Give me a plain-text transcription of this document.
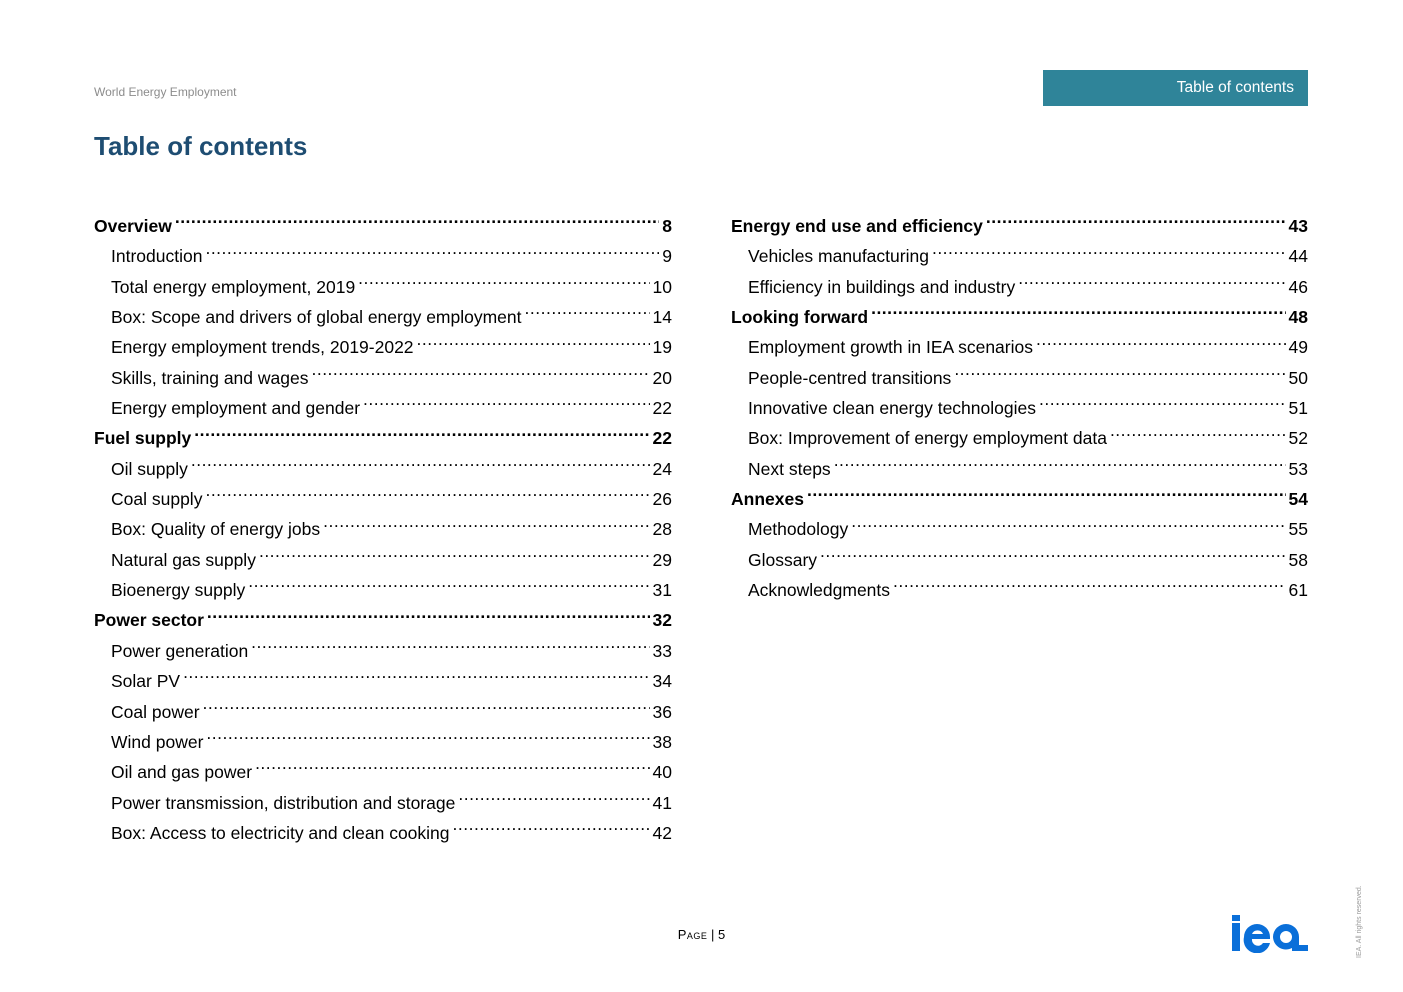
World Energy Employment	Table of contents
Table of contents
Overview .....	8
Introduction .....	9
Total energy employment, 2019 .....	10
Box: Scope and drivers of global energy employment .....	14
Energy employment trends, 2019-2022 .....	19
Skills, training and wages .....	20
Energy employment and gender .....	22
Fuel supply .....	22
Oil supply .....	24
Coal supply .....	26
Box: Quality of energy jobs .....	28
Natural gas supply .....	29
Bioenergy supply .....	31
Power sector .....	32
Power generation .....	33
Solar PV .....	34
Coal power .....	36
Wind power .....	38
Oil and gas power .....	40
Power transmission, distribution and storage .....	41
Box: Access to electricity and clean cooking .....	42
Energy end use and efficiency .....	43
Vehicles manufacturing .....	44
Efficiency in buildings and industry .....	46
Looking forward .....	48
Employment growth in IEA scenarios .....	49
People-centred transitions .....	50
Innovative clean energy technologies .....	51
Box: Improvement of energy employment data .....	52
Next steps .....	53
Annexes .....	54
Methodology .....	55
Glossary .....	58
Acknowledgments .....	61
Page | 5	IEA. All rights reserved.
